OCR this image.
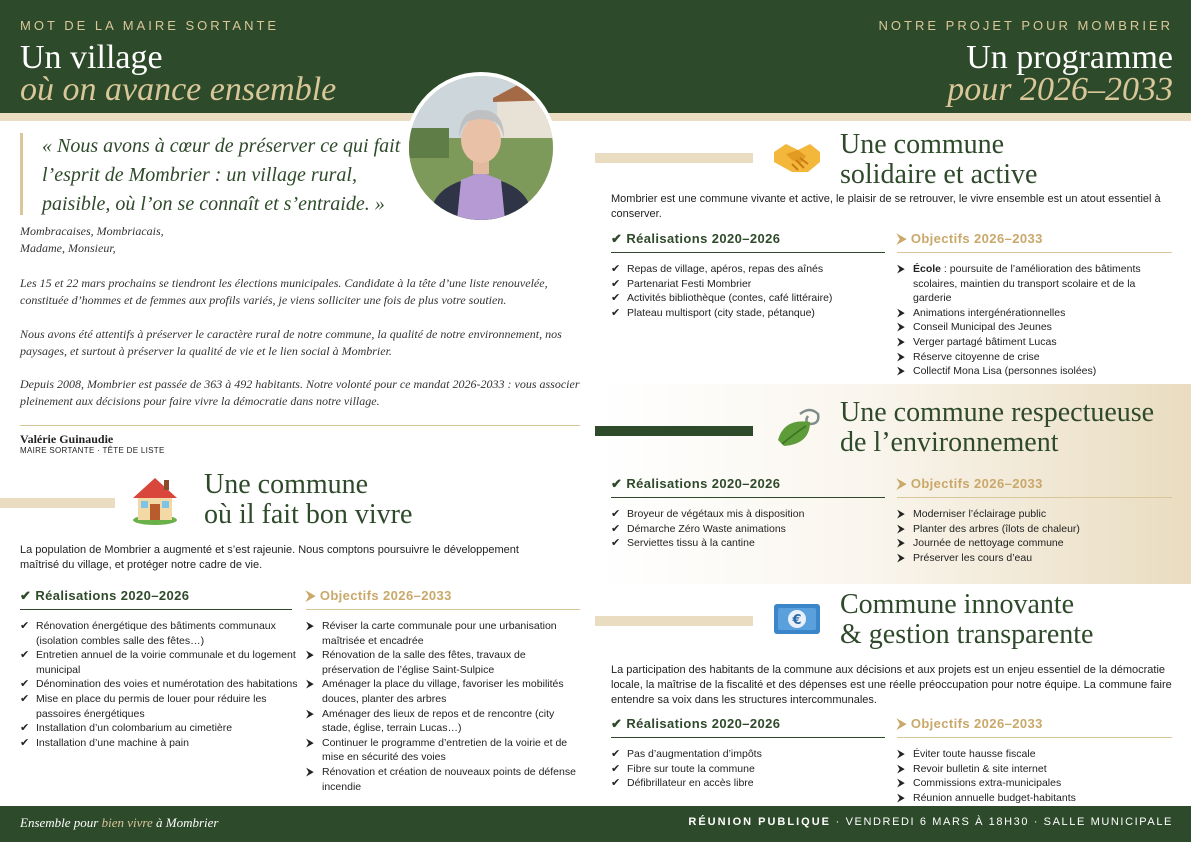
MOT DE LA MAIRE SORTANTE
Un village
où on avance ensemble
NOTRE PROJET POUR MOMBRIER
Un programme
pour 2026–2033
« Nous avons à cœur de préserver ce qui fait l’esprit de Mombrier : un village rural, paisible, où l’on se connaît et s’entraide. »
Mombracaises, Mombriacais,
Madame, Monsieur,
Les 15 et 22 mars prochains se tiendront les élections municipales. Candidate à la tête d’une liste renouvelée, constituée d’hommes et de femmes aux profils variés, je viens solliciter une fois de plus votre soutien.
Nous avons été attentifs à préserver le caractère rural de notre commune, la qualité de notre environnement, nos paysages, et surtout à préserver la qualité de vie et le lien social à Mombrier.
Depuis 2008, Mombrier est passée de 363 à 492 habitants. Notre volonté pour ce mandat 2026-2033 : vous associer pleinement aux décisions pour faire vivre la démocratie dans notre village.
Valérie Guinaudie
MAIRE SORTANTE · TÊTE DE LISTE
Une commune
où il fait bon vivre
La population de Mombrier a augmenté et s’est rajeunie. Nous comptons poursuivre le développement maîtrisé du village, et protéger notre cadre de vie.
✔ Réalisations 2020–2026	⮞ Objectifs 2026–2033
✔ Rénovation énergétique des bâtiments communaux (isolation combles salle des fêtes…)
✔ Entretien annuel de la voirie communale et du logement municipal
✔ Dénomination des voies et numérotation des habitations
✔ Mise en place du permis de louer pour réduire les passoires énergétiques
✔ Installation d’un colombarium au cimetière
✔ Installation d’une machine à pain
⮞ Réviser la carte communale pour une urbanisation maîtrisée et encadrée
⮞ Rénovation de la salle des fêtes, travaux de préservation de l’église Saint-Sulpice
⮞ Aménager la place du village, favoriser les mobilités douces, planter des arbres
⮞ Aménager des lieux de repos et de rencontre (city stade, église, terrain Lucas…)
⮞ Continuer le programme d’entretien de la voirie et de mise en sécurité des voies
⮞ Rénovation et création de nouveaux points de défense incendie
Une commune
solidaire et active
Mombrier est une commune vivante et active, le plaisir de se retrouver, le vivre ensemble est un atout essentiel à conserver.
✔ Réalisations 2020–2026	⮞ Objectifs 2026–2033
✔ Repas de village, apéros, repas des aînés
✔ Partenariat Festi Mombrier
✔ Activités bibliothèque (contes, café littéraire)
✔ Plateau multisport (city stade, pétanque)
⮞ École : poursuite de l’amélioration des bâtiments scolaires, maintien du transport scolaire et de la garderie
⮞ Animations intergénérationnelles
⮞ Conseil Municipal des Jeunes
⮞ Verger partagé bâtiment Lucas
⮞ Réserve citoyenne de crise
⮞ Collectif Mona Lisa (personnes isolées)
Une commune respectueuse
de l’environnement
✔ Réalisations 2020–2026	⮞ Objectifs 2026–2033
✔ Broyeur de végétaux mis à disposition
✔ Démarche Zéro Waste animations
✔ Serviettes tissu à la cantine
⮞ Moderniser l’éclairage public
⮞ Planter des arbres (îlots de chaleur)
⮞ Journée de nettoyage commune
⮞ Préserver les cours d’eau
€
Commune innovante
& gestion transparente
La participation des habitants de la commune aux décisions et aux projets est un enjeu essentiel de la démocratie locale, la maîtrise de la fiscalité et des dépenses est une réelle préoccupation pour notre équipe. La commune faire entendre sa voix dans les structures intercommunales.
✔ Réalisations 2020–2026	⮞ Objectifs 2026–2033
✔ Pas d’augmentation d’impôts
✔ Fibre sur toute la commune
✔ Défibrillateur en accès libre
⮞ Éviter toute hausse fiscale
⮞ Revoir bulletin & site internet
⮞ Commissions extra-municipales
⮞ Réunion annuelle budget-habitants
Ensemble pour bien vivre à Mombrier	RÉUNION PUBLIQUE · VENDREDI 6 MARS À 18H30 · SALLE MUNICIPALE
